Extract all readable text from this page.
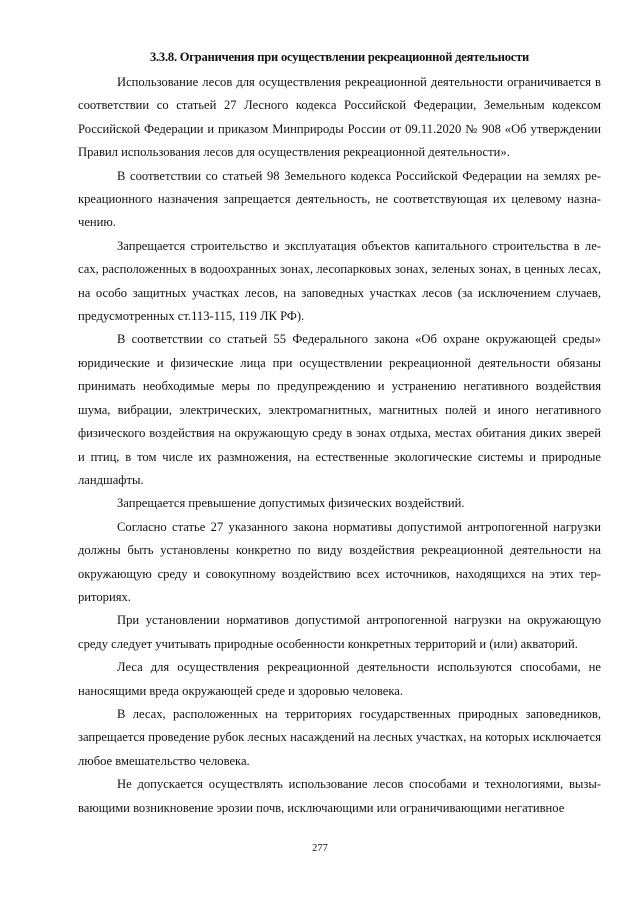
3.3.8. Ограничения при осуществлении рекреационной деятельности

Использование лесов для осуществления рекреационной деятельности ограничивается в соответствии со статьей 27 Лесного кодекса Российской Федерации, Земельным кодексом Российской Федерации и приказом Минприроды России от 09.11.2020 № 908 «Об утверждении Правил использования лесов для осуществления рекреационной деятельности».

В соответствии со статьей 98 Земельного кодекса Российской Федерации на землях рекреационного назначения запрещается деятельность, не соответствующая их целевому назначению.

Запрещается строительство и эксплуатация объектов капитального строительства в лесах, расположенных в водоохранных зонах, лесопарковых зонах, зеленых зонах, в ценных лесах, на особо защитных участках лесов, на заповедных участках лесов (за исключением случаев, предусмотренных ст.113-115, 119 ЛК РФ).

В соответствии со статьей 55 Федерального закона «Об охране окружающей среды» юридические и физические лица при осуществлении рекреационной деятельности обязаны принимать необходимые меры по предупреждению и устранению негативного воздействия шума, вибрации, электрических, электромагнитных, магнитных полей и иного негативного физического воздействия на окружающую среду в зонах отдыха, местах обитания диких зверей и птиц, в том числе их размножения, на естественные экологические системы и природные ландшафты.

Запрещается превышение допустимых физических воздействий.

Согласно статье 27 указанного закона нормативы допустимой антропогенной нагрузки должны быть установлены конкретно по виду воздействия рекреационной деятельности на окружающую среду и совокупному воздействию всех источников, находящихся на этих территориях.

При установлении нормативов допустимой антропогенной нагрузки на окружающую среду следует учитывать природные особенности конкретных территорий и (или) акваторий.

Леса для осуществления рекреационной деятельности используются способами, не наносящими вреда окружающей среде и здоровью человека.

В лесах, расположенных на территориях государственных природных заповедников, запрещается проведение рубок лесных насаждений на лесных участках, на которых исключается любое вмешательство человека.

Не допускается осуществлять использование лесов способами и технологиями, вызывающими возникновение эрозии почв, исключающими или ограничивающими негативное

277
